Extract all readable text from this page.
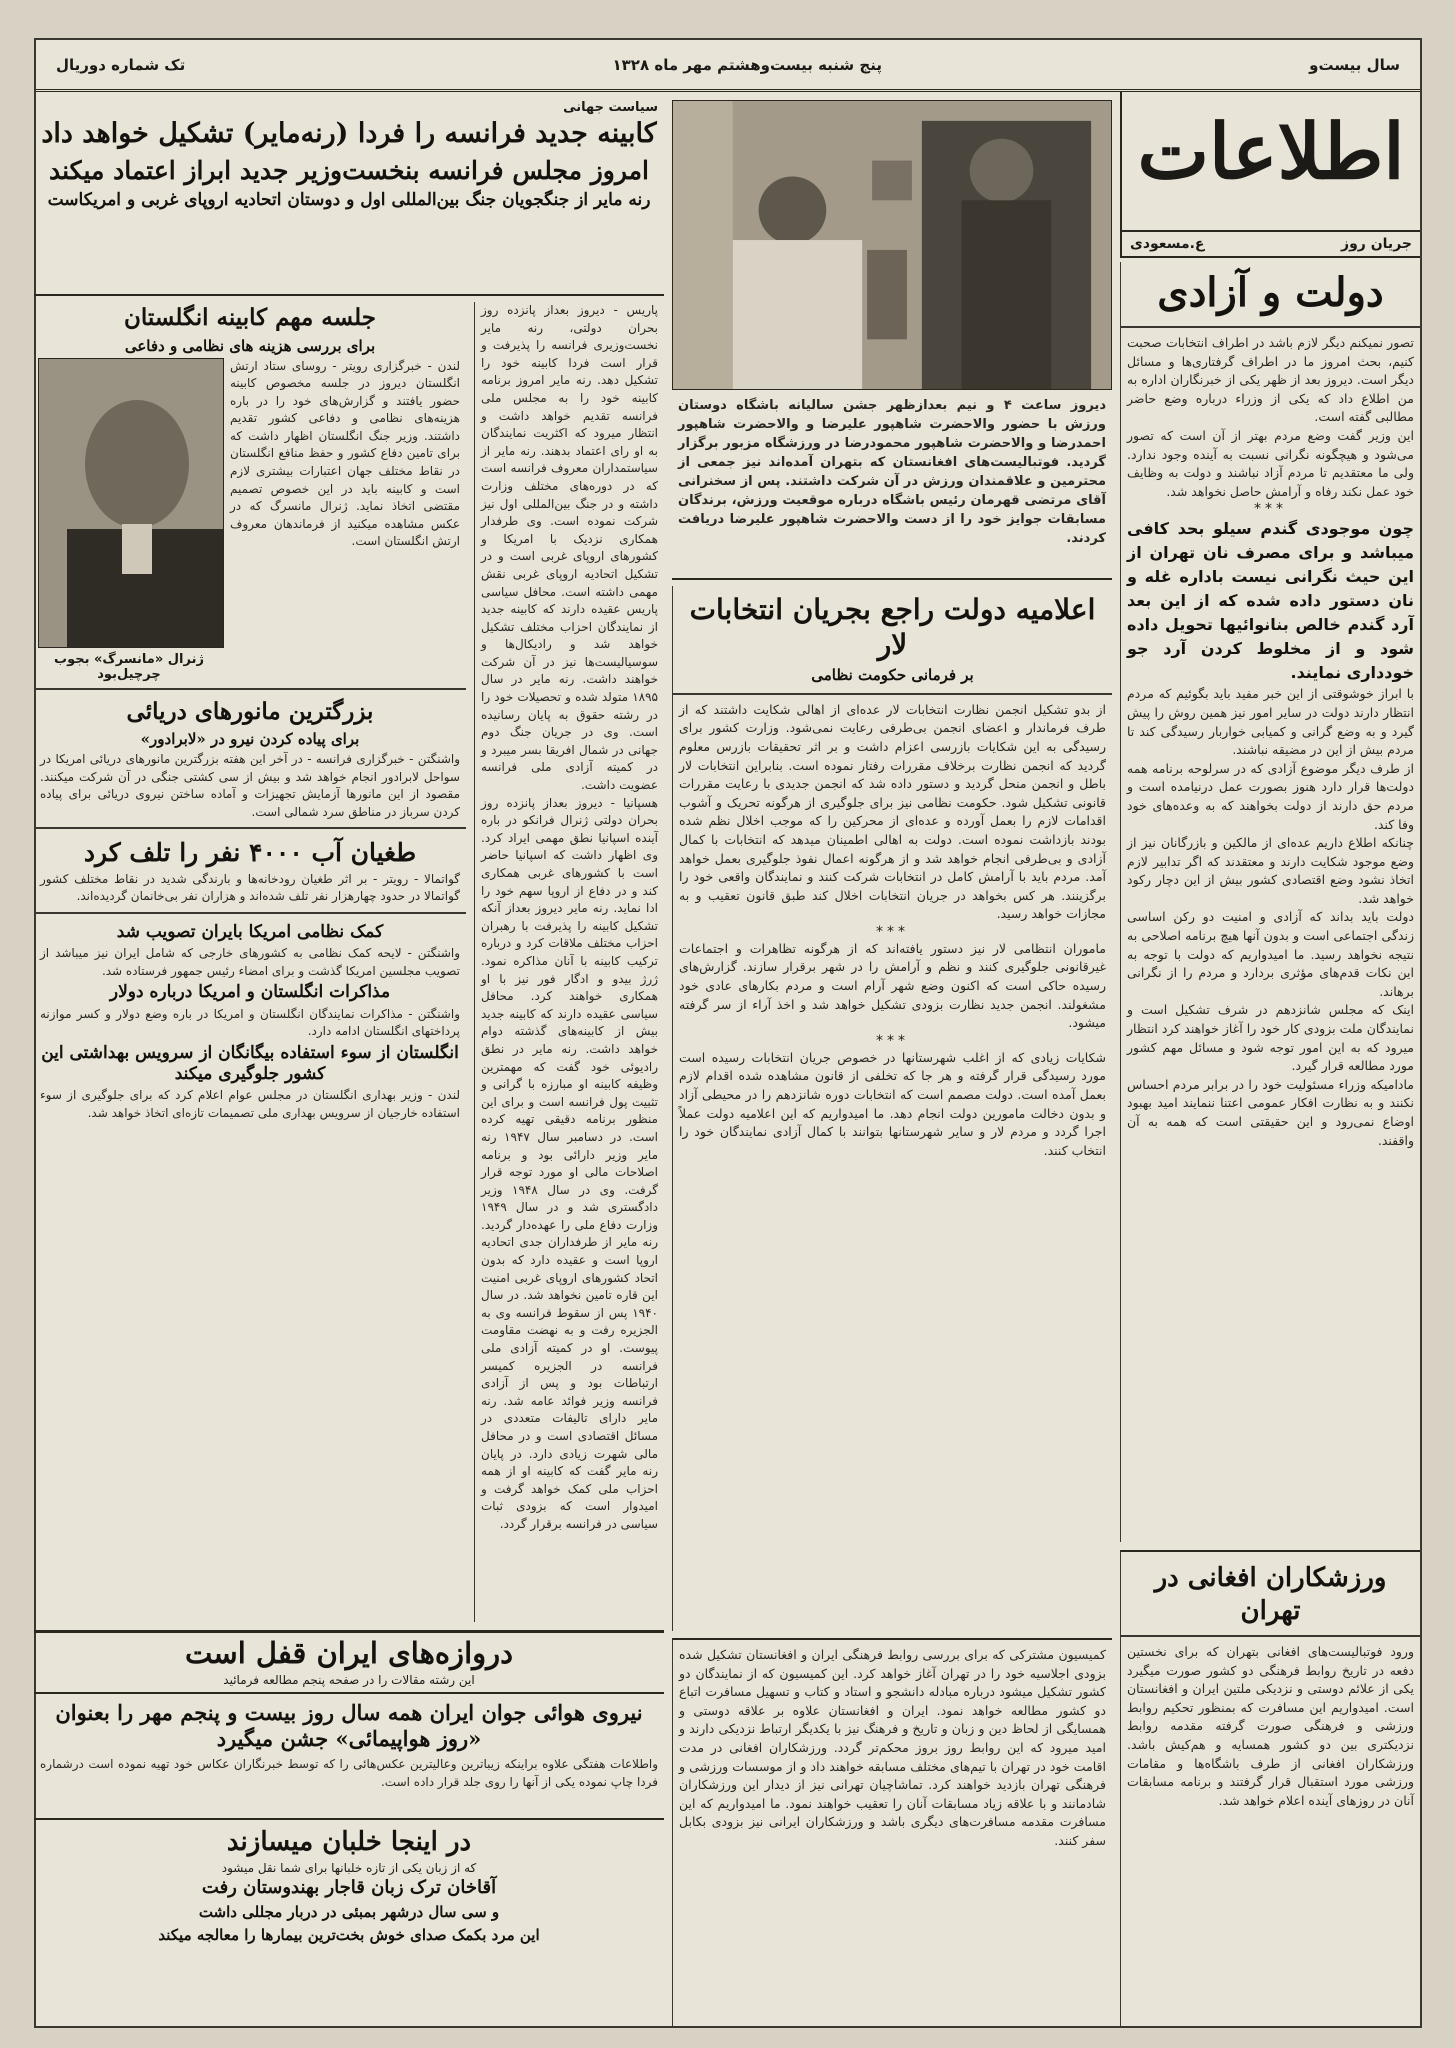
سال بیست‌و
پنج شنبه بیست‌وهشتم مهر ماه ۱۳۲۸
تک شماره دوریال
اطلاعات
جریان روز
ع.مسعودی
دولت و آزادی

تصور نمیکنم دیگر لازم باشد در اطراف انتخابات صحبت کنیم، بحث امروز ما در اطراف گرفتاری‌ها و مسائل دیگر است. دیروز بعد از ظهر یکی از خبرنگاران اداره به من اطلاع داد که یکی از وزراء درباره وضع حاضر مطالبی گفته است.

این وزیر گفت وضع مردم بهتر از آن است که تصور می‌شود و هیچگونه نگرانی نسبت به آینده وجود ندارد. ولی ما معتقدیم تا مردم آزاد نباشند و دولت به وظایف خود عمل نکند رفاه و آرامش حاصل نخواهد شد.

***

چون موجودی گندم سیلو بحد کافی میباشد و برای مصرف نان تهران از این حیث نگرانی نیست باداره غله و نان دستور داده شده که از این بعد آرد گندم خالص بنانوائیها تحویل داده شود و از مخلوط کردن آرد جو خودداری نمایند.

با ابراز خوشوقتی از این خبر مفید باید بگوئیم که مردم انتظار دارند دولت در سایر امور نیز همین روش را پیش گیرد و به وضع گرانی و کمیابی خواربار رسیدگی کند تا مردم بیش از این در مضیقه نباشند.

از طرف دیگر موضوع آزادی که در سرلوحه برنامه همه دولت‌ها قرار دارد هنوز بصورت عمل درنیامده است و مردم حق دارند از دولت بخواهند که به وعده‌های خود وفا کند.

چنانکه اطلاع داریم عده‌ای از مالکین و بازرگانان نیز از وضع موجود شکایت دارند و معتقدند که اگر تدابیر لازم اتخاذ نشود وضع اقتصادی کشور بیش از این دچار رکود خواهد شد.

دولت باید بداند که آزادی و امنیت دو رکن اساسی زندگی اجتماعی است و بدون آنها هیچ برنامه اصلاحی به نتیجه نخواهد رسید. ما امیدواریم که دولت با توجه به این نکات قدم‌های مؤثری بردارد و مردم را از نگرانی برهاند.

اینک که مجلس شانزدهم در شرف تشکیل است و نمایندگان ملت بزودی کار خود را آغاز خواهند کرد انتظار میرود که به این امور توجه شود و مسائل مهم کشور مورد مطالعه قرار گیرد.

مادامیکه وزراء مسئولیت خود را در برابر مردم احساس نکنند و به نظارت افکار عمومی اعتنا ننمایند امید بهبود اوضاع نمی‌رود و این حقیقتی است که همه به آن واقفند.

ورزشکاران افغانی در تهران

ورود فوتبالیست‌های افغانی بتهران که برای نخستین دفعه در تاریخ روابط فرهنگی دو کشور صورت میگیرد یکی از علائم دوستی و نزدیکی ملتین ایران و افغانستان است. امیدواریم این مسافرت که بمنظور تحکیم روابط ورزشی و فرهنگی صورت گرفته مقدمه روابط نزدیکتری بین دو کشور همسایه و هم‌کیش باشد. ورزشکاران افغانی از طرف باشگاه‌ها و مقامات ورزشی مورد استقبال قرار گرفتند و برنامه مسابقات آنان در روزهای آینده اعلام خواهد شد.

دیروز ساعت ۴ و نیم بعدازظهر جشن سالیانه باشگاه دوستان ورزش با حضور والاحضرت شاهپور علیرضا و والاحضرت شاهپور احمدرضا و والاحضرت شاهپور محمودرضا در ورزشگاه مزبور برگزار گردید. فوتبالیست‌های افغانستان که بتهران آمده‌اند نیز جمعی از محترمین و علاقمندان ورزش در آن شرکت داشتند. پس از سخنرانی آقای مرتضی قهرمان رئیس باشگاه درباره موقعیت ورزش، برندگان مسابقات جوایز خود را از دست والاحضرت شاهپور علیرضا دریافت کردند.

اعلامیه دولت راجع بجریان انتخابات لار
بر فرمانی حکومت نظامی

از بدو تشکیل انجمن نظارت انتخابات لار عده‌ای از اهالی شکایت داشتند که از طرف فرماندار و اعضای انجمن بی‌طرفی رعایت نمی‌شود. وزارت کشور برای رسیدگی به این شکایات بازرسی اعزام داشت و بر اثر تحقیقات بازرس معلوم گردید که انجمن نظارت برخلاف مقررات رفتار نموده است. بنابراین انتخابات لار باطل و انجمن منحل گردید و دستور داده شد که انجمن جدیدی با رعایت مقررات قانونی تشکیل شود. حکومت نظامی نیز برای جلوگیری از هرگونه تحریک و آشوب اقدامات لازم را بعمل آورده و عده‌ای از محرکین را که موجب اخلال نظم شده بودند بازداشت نموده است. دولت به اهالی اطمینان میدهد که انتخابات با کمال آزادی و بی‌طرفی انجام خواهد شد و از هرگونه اعمال نفوذ جلوگیری بعمل خواهد آمد. مردم باید با آرامش کامل در انتخابات شرکت کنند و نمایندگان واقعی خود را برگزینند. هر کس بخواهد در جریان انتخابات اخلال کند طبق قانون تعقیب و به مجازات خواهد رسید.

***

ماموران انتظامی لار نیز دستور یافته‌اند که از هرگونه تظاهرات و اجتماعات غیرقانونی جلوگیری کنند و نظم و آرامش را در شهر برقرار سازند. گزارش‌های رسیده حاکی است که اکنون وضع شهر آرام است و مردم بکارهای عادی خود مشغولند. انجمن جدید نظارت بزودی تشکیل خواهد شد و اخذ آراء از سر گرفته میشود.

***

شکایات زیادی که از اغلب شهرستانها در خصوص جریان انتخابات رسیده است مورد رسیدگی قرار گرفته و هر جا که تخلفی از قانون مشاهده شده اقدام لازم بعمل آمده است. دولت مصمم است که انتخابات دوره شانزدهم را در محیطی آزاد و بدون دخالت مامورین دولت انجام دهد. ما امیدواریم که این اعلامیه دولت عملاً اجرا گردد و مردم لار و سایر شهرستانها بتوانند با کمال آزادی نمایندگان خود را انتخاب کنند.

کمیسیون مشترکی که برای بررسی روابط فرهنگی ایران و افغانستان تشکیل شده بزودی اجلاسیه خود را در تهران آغاز خواهد کرد. این کمیسیون که از نمایندگان دو کشور تشکیل میشود درباره مبادله دانشجو و استاد و کتاب و تسهیل مسافرت اتباع دو کشور مطالعه خواهد نمود. ایران و افغانستان علاوه بر علاقه دوستی و همسایگی از لحاظ دین و زبان و تاریخ و فرهنگ نیز با یکدیگر ارتباط نزدیکی دارند و امید میرود که این روابط روز بروز محکم‌تر گردد. ورزشکاران افغانی در مدت اقامت خود در تهران با تیم‌های مختلف مسابقه خواهند داد و از موسسات ورزشی و فرهنگی تهران بازدید خواهند کرد. تماشاچیان تهرانی نیز از دیدار این ورزشکاران شادمانند و با علاقه زیاد مسابقات آنان را تعقیب خواهند نمود. ما امیدواریم که این مسافرت مقدمه مسافرت‌های دیگری باشد و ورزشکاران ایرانی نیز بزودی بکابل سفر کنند.

سیاست جهانی
کابینه جدید فرانسه را فردا (رنه‌مایر) تشکیل خواهد داد
امروز مجلس فرانسه بنخست‌وزیر جدید ابراز اعتماد میکند
رنه مایر از جنگجویان جنگ بین‌المللی اول و دوستان اتحادیه اروپای غربی و امریکاست

پاریس - دیروز بعداز پانزده روز بحران دولتی، رنه مایر نخست‌وزیری فرانسه را پذیرفت و قرار است فردا کابینه خود را تشکیل دهد. رنه مایر امروز برنامه کابینه خود را به مجلس ملی فرانسه تقدیم خواهد داشت و انتظار میرود که اکثریت نمایندگان به او رای اعتماد بدهند. رنه مایر از سیاستمداران معروف فرانسه است که در دوره‌های مختلف وزارت داشته و در جنگ بین‌المللی اول نیز شرکت نموده است. وی طرفدار همکاری نزدیک با امریکا و کشورهای اروپای غربی است و در تشکیل اتحادیه اروپای غربی نقش مهمی داشته است. محافل سیاسی پاریس عقیده دارند که کابینه جدید از نمایندگان احزاب مختلف تشکیل خواهد شد و رادیکال‌ها و سوسیالیست‌ها نیز در آن شرکت خواهند داشت. رنه مایر در سال ۱۸۹۵ متولد شده و تحصیلات خود را در رشته حقوق به پایان رسانیده است. وی در جریان جنگ دوم جهانی در شمال افریقا بسر میبرد و در کمیته آزادی ملی فرانسه عضویت داشت.

هسپانیا - دیروز بعداز پانزده روز بحران دولتی ژنرال فرانکو در باره آینده اسپانیا نطق مهمی ایراد کرد. وی اظهار داشت که اسپانیا حاضر است با کشورهای غربی همکاری کند و در دفاع از اروپا سهم خود را ادا نماید. رنه مایر دیروز بعداز آنکه تشکیل کابینه را پذیرفت با رهبران احزاب مختلف ملاقات کرد و درباره ترکیب کابینه با آنان مذاکره نمود. ژرژ بیدو و ادگار فور نیز با او همکاری خواهند کرد. محافل سیاسی عقیده دارند که کابینه جدید بیش از کابینه‌های گذشته دوام خواهد داشت. رنه مایر در نطق رادیوئی خود گفت که مهمترین وظیفه کابینه او مبارزه با گرانی و تثبیت پول فرانسه است و برای این منظور برنامه دقیقی تهیه کرده است. در دسامبر سال ۱۹۴۷ رنه مایر وزیر دارائی بود و برنامه اصلاحات مالی او مورد توجه قرار گرفت. وی در سال ۱۹۴۸ وزیر دادگستری شد و در سال ۱۹۴۹ وزارت دفاع ملی را عهده‌دار گردید. رنه مایر از طرفداران جدی اتحادیه اروپا است و عقیده دارد که بدون اتحاد کشورهای اروپای غربی امنیت این قاره تامین نخواهد شد. در سال ۱۹۴۰ پس از سقوط فرانسه وی به الجزیره رفت و به نهضت مقاومت پیوست. او در کمیته آزادی ملی فرانسه در الجزیره کمیسر ارتباطات بود و پس از آزادی فرانسه وزیر فوائد عامه شد. رنه مایر دارای تالیفات متعددی در مسائل اقتصادی است و در محافل مالی شهرت زیادی دارد. در پایان رنه مایر گفت که کابینه او از همه احزاب ملی کمک خواهد گرفت و امیدوار است که بزودی ثبات سیاسی در فرانسه برقرار گردد.

جلسه مهم کابینه انگلستان
برای بررسی هزینه های نظامی و دفاعی

لندن - خبرگزاری رویتر - روسای ستاد ارتش انگلستان دیروز در جلسه مخصوص کابینه حضور یافتند و گزارش‌های خود را در باره هزینه‌های نظامی و دفاعی کشور تقدیم داشتند. وزیر جنگ انگلستان اظهار داشت که برای تامین دفاع کشور و حفظ منافع انگلستان در نقاط مختلف جهان اعتبارات بیشتری لازم است و کابینه باید در این خصوص تصمیم مقتضی اتخاذ نماید. ژنرال مانسرگ که در عکس مشاهده میکنید از فرماندهان معروف ارتش انگلستان است.

ژنرال «مانسرگ» بجوب چرچیل‌بود
بزرگترین مانورهای دریائی
برای پیاده کردن نیرو در «لابرادور»

واشنگتن - خبرگزاری فرانسه - در آخر این هفته بزرگترین مانورهای دریائی امریکا در سواحل لابرادور انجام خواهد شد و بیش از سی کشتی جنگی در آن شرکت میکنند. مقصود از این مانورها آزمایش تجهیزات و آماده ساختن نیروی دریائی برای پیاده کردن سرباز در مناطق سرد شمالی است.

طغیان آب ۴۰۰۰ نفر را تلف کرد

گواتمالا - رویتر - بر اثر طغیان رودخانه‌ها و بارندگی شدید در نقاط مختلف کشور گواتمالا در حدود چهارهزار نفر تلف شده‌اند و هزاران نفر بی‌خانمان گردیده‌اند.

کمک نظامی امریکا بایران تصویب شد

واشنگتن - لایحه کمک نظامی به کشورهای خارجی که شامل ایران نیز میباشد از تصویب مجلسین امریکا گذشت و برای امضاء رئیس جمهور فرستاده شد.

مذاکرات انگلستان و امریکا درباره دولار

واشنگتن - مذاکرات نمایندگان انگلستان و امریکا در باره وضع دولار و کسر موازنه پرداختهای انگلستان ادامه دارد.

انگلستان از سوء استفاده بیگانگان از سرویس بهداشتی این کشور جلوگیری میکند

لندن - وزیر بهداری انگلستان در مجلس عوام اعلام کرد که برای جلوگیری از سوء استفاده خارجیان از سرویس بهداری ملی تصمیمات تازه‌ای اتخاذ خواهد شد.

دروازه‌های ایران قفل است
این رشته مقالات را در صفحه پنجم مطالعه فرمائید
نیروی هوائی جوان ایران همه سال روز بیست و پنجم مهر را بعنوان «روز هواپیمائی» جشن میگیرد

واطلاعات هفتگی علاوه براینکه زیباترین وعالیترین عکس‌هائی را که توسط خبرنگاران عکاس خود تهیه نموده است درشماره فردا چاپ نموده یکی از آنها را روی جلد قرار داده است.

در اینجا خلبان میسازند
که از زبان یکی از تازه خلبانها برای شما نقل میشود
آقاخان ترک زبان قاجار بهندوستان رفت
و سی سال درشهر بمبئی در دربار مجللی داشت
این مرد بکمک صدای خوش بخت‌ترین بیمارها را معالجه میکند
